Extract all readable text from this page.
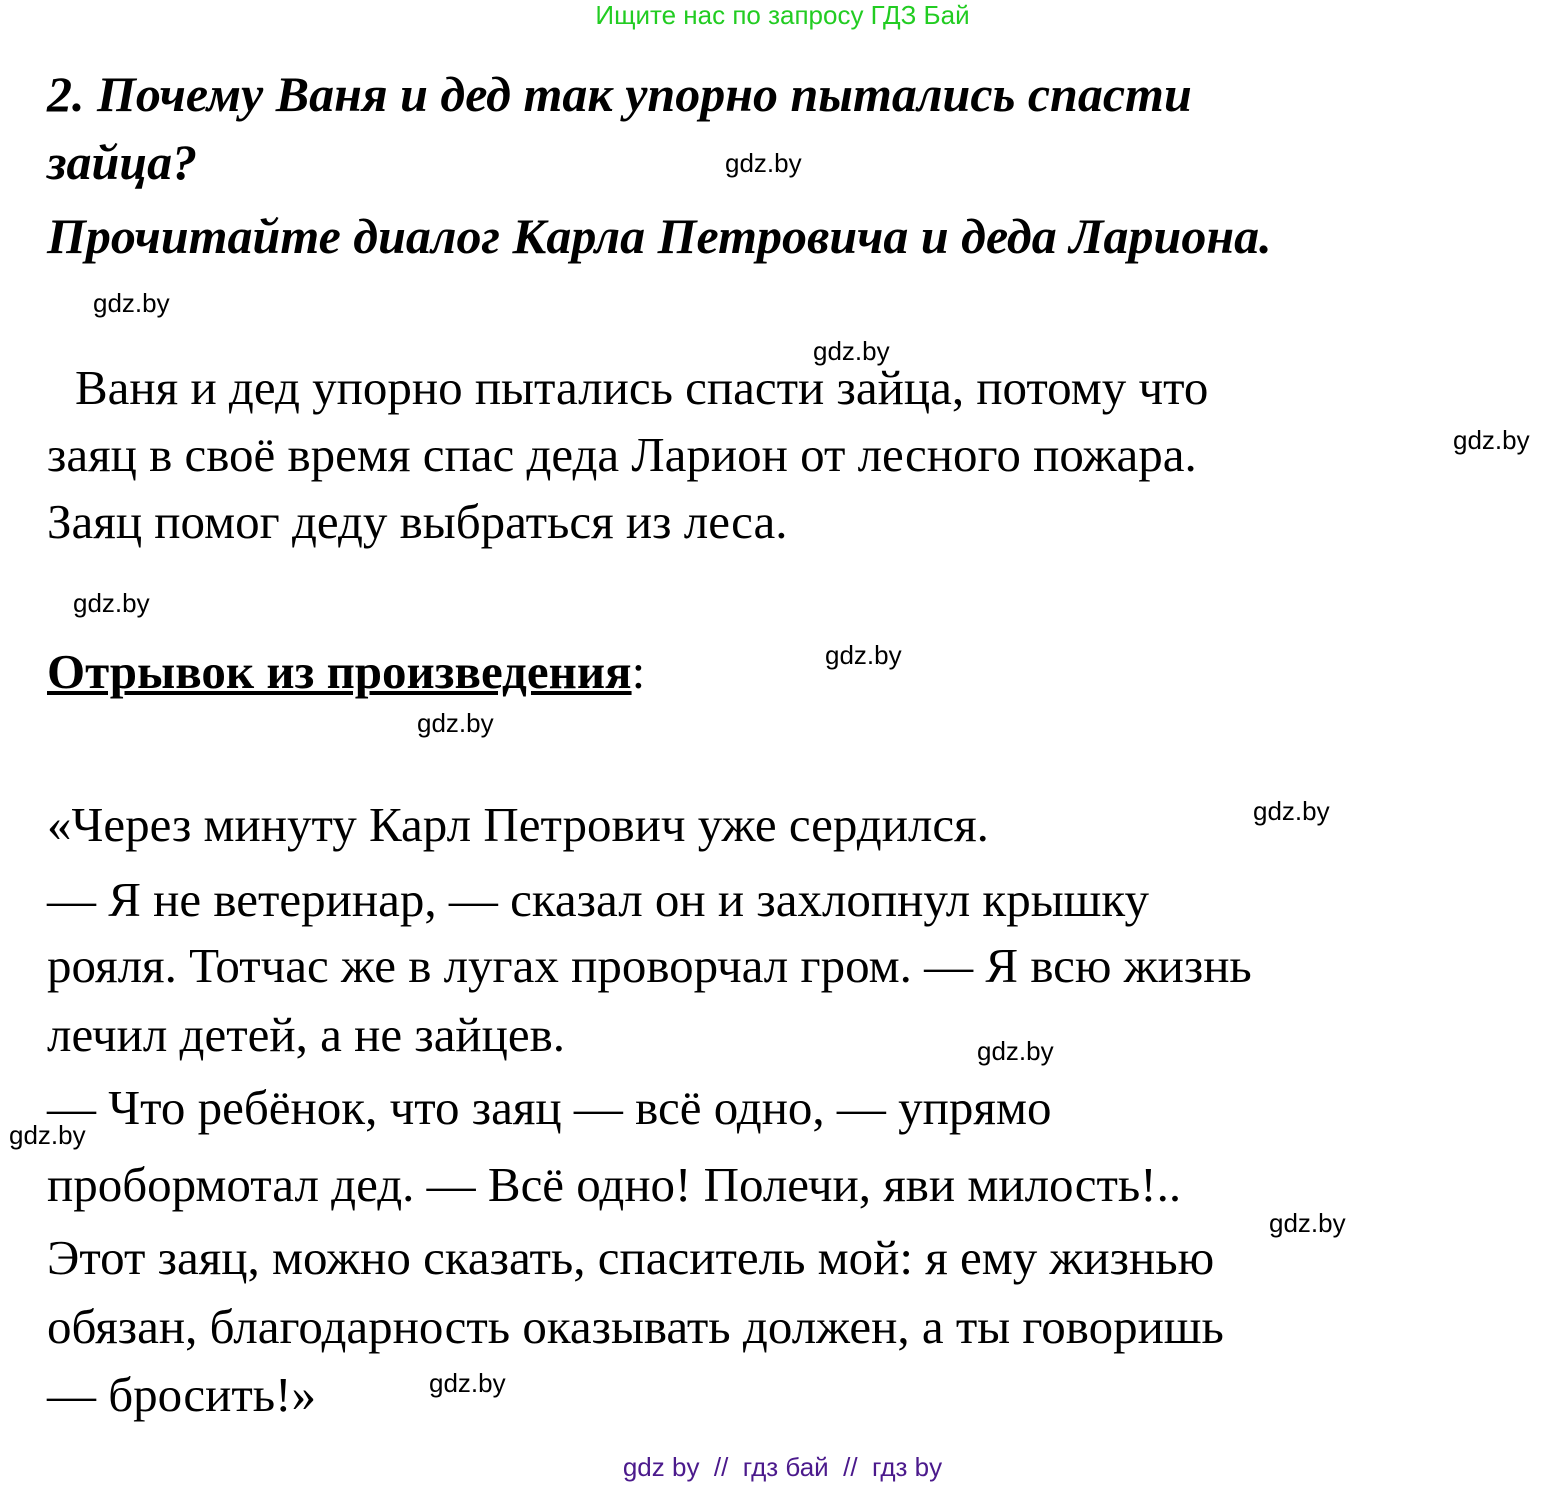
Ищите нас по запросу ГДЗ Бай
2. Почему Ваня и дед так упорно пытались спасти
зайца?
Прочитайте диалог Карла Петровича и деда Лариона.
Ваня и дед упорно пытались спасти зайца, потому что
заяц в своё время спас деда Ларион от лесного пожара.
Заяц помог деду выбраться из леса.
Отрывок из произведения:
«Через минуту Карл Петрович уже сердился.
— Я не ветеринар, — сказал он и захлопнул крышку
рояля. Тотчас же в лугах проворчал гром. — Я всю жизнь
лечил детей, а не зайцев.
— Что ребёнок, что заяц — всё одно, — упрямо
пробормотал дед. — Всё одно! Полечи, яви милость!..
Этот заяц, можно сказать, спаситель мой: я ему жизнью
обязан, благодарность оказывать должен, а ты говоришь
— бросить!»
gdz.by
gdz.by
gdz.by
gdz.by
gdz.by
gdz.by
gdz.by
gdz.by
gdz.by
gdz.by
gdz.by
gdz.by
gdz by  //  гдз бай  //  гдз by
